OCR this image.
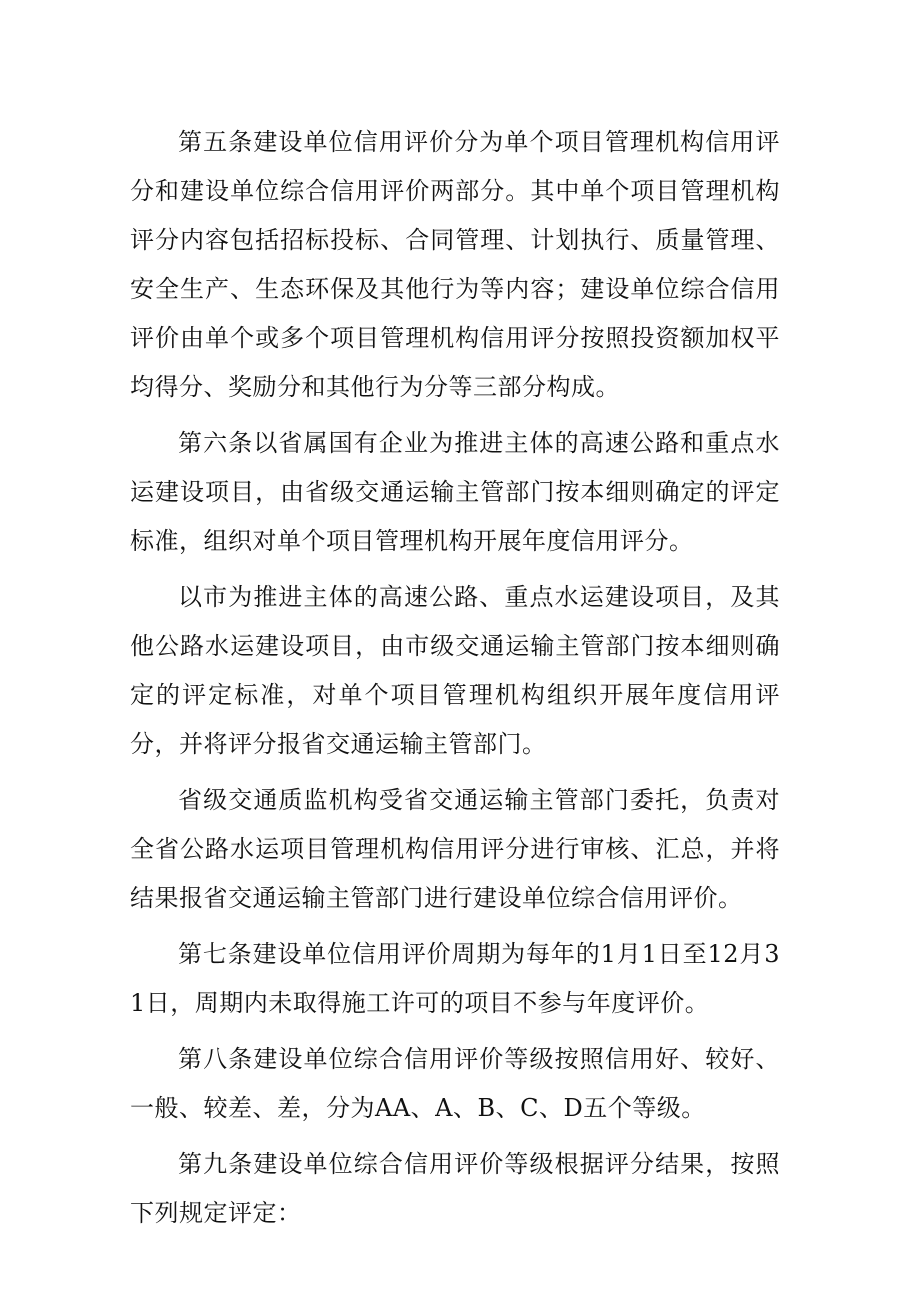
第五条建设单位信用评价分为单个项目管理机构信用评分和建设单位综合信用评价两部分。其中单个项目管理机构评分内容包括招标投标、合同管理、计划执行、质量管理、安全生产、生态环保及其他行为等内容；建设单位综合信用评价由单个或多个项目管理机构信用评分按照投资额加权平均得分、奖励分和其他行为分等三部分构成。

第六条以省属国有企业为推进主体的高速公路和重点水运建设项目，由省级交通运输主管部门按本细则确定的评定标准，组织对单个项目管理机构开展年度信用评分。

以市为推进主体的高速公路、重点水运建设项目，及其他公路水运建设项目，由市级交通运输主管部门按本细则确定的评定标准，对单个项目管理机构组织开展年度信用评分，并将评分报省交通运输主管部门。

省级交通质监机构受省交通运输主管部门委托，负责对全省公路水运项目管理机构信用评分进行审核、汇总，并将结果报省交通运输主管部门进行建设单位综合信用评价。

第七条建设单位信用评价周期为每年的1月1日至12月31日，周期内未取得施工许可的项目不参与年度评价。

第八条建设单位综合信用评价等级按照信用好、较好、一般、较差、差，分为AA、A、B、C、D五个等级。

第九条建设单位综合信用评价等级根据评分结果，按照下列规定评定：
